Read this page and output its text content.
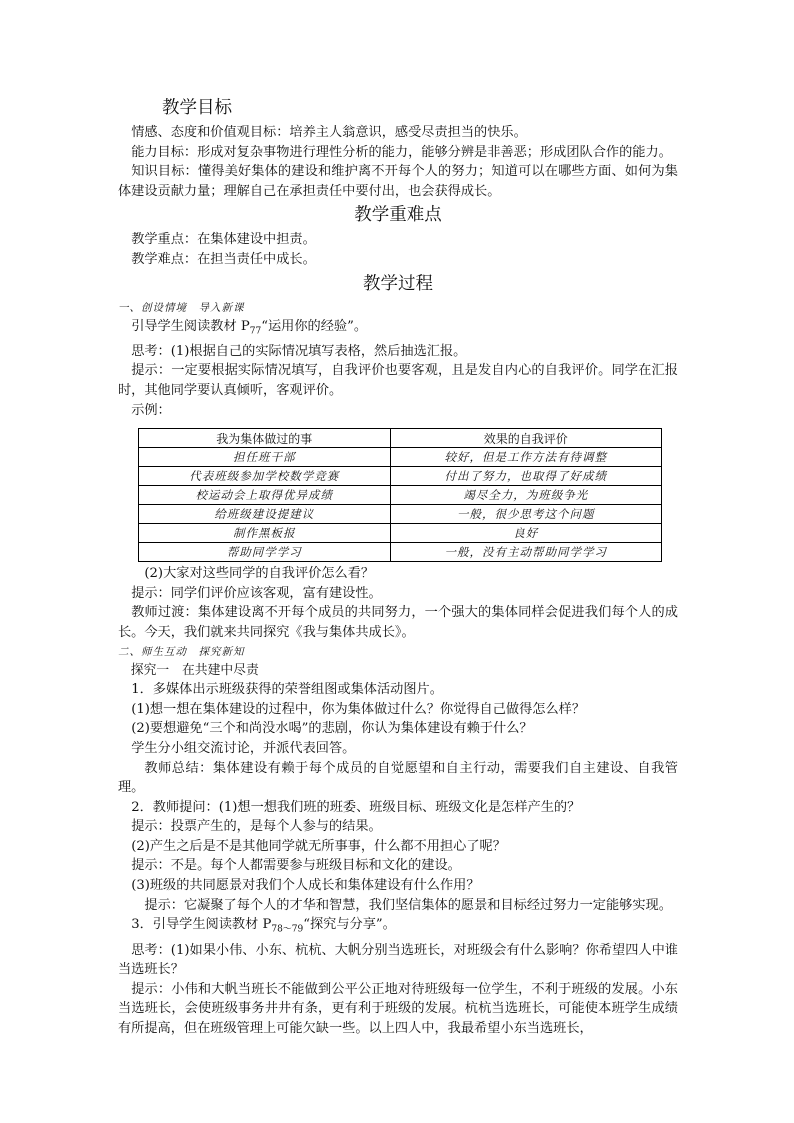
教学目标

情感、态度和价值观目标：培养主人翁意识，感受尽责担当的快乐。

能力目标：形成对复杂事物进行理性分析的能力，能够分辨是非善恶；形成团队合作的能力。

知识目标：懂得美好集体的建设和维护离不开每个人的努力；知道可以在哪些方面、如何为集体建设贡献力量；理解自己在承担责任中要付出，也会获得成长。

教学重难点

教学重点：在集体建设中担责。

教学难点：在担当责任中成长。

教学过程

一、创设情境　导入新课

引导学生阅读教材 $P_{77}“$运用你的经验”。

思考：(1)根据自己的实际情况填写表格，然后抽选汇报。

提示：一定要根据实际情况填写，自我评价也要客观，且是发自内心的自我评价。同学在汇报时，其他同学要认真倾听，客观评价。

示例：

我为集体做过的事	效果的自我评价
担任班干部	较好，但是工作方法有待调整
代表班级参加学校数学竞赛	付出了努力，也取得了好成绩
校运动会上取得优异成绩	竭尽全力，为班级争光
给班级建设提建议	一般，很少思考这个问题
制作黑板报	良好
帮助同学学习	一般，没有主动帮助同学学习

(2)大家对这些同学的自我评价怎么看？

提示：同学们评价应该客观，富有建设性。

教师过渡：集体建设离不开每个成员的共同努力，一个强大的集体同样会促进我们每个人的成长。今天，我们就来共同探究《我与集体共成长》。

二、师生互动　探究新知

探究一　在共建中尽责

1．多媒体出示班级获得的荣誉组图或集体活动图片。

(1)想一想在集体建设的过程中，你为集体做过什么？你觉得自己做得怎么样？

(2)要想避免“三个和尚没水喝”的悲剧，你认为集体建设有赖于什么？

学生分小组交流讨论，并派代表回答。

教师总结：集体建设有赖于每个成员的自觉愿望和自主行动，需要我们自主建设、自我管理。

2．教师提问：(1)想一想我们班的班委、班级目标、班级文化是怎样产生的？

提示：投票产生的，是每个人参与的结果。

(2)产生之后是不是其他同学就无所事事，什么都不用担心了呢？

提示：不是。每个人都需要参与班级目标和文化的建设。

(3)班级的共同愿景对我们个人成长和集体建设有什么作用？

提示：它凝聚了每个人的才华和智慧，我们坚信集体的愿景和目标经过努力一定能够实现。

3．引导学生阅读教材 $P_{78\sim 79}“$探究与分享”。

思考：(1)如果小伟、小东、杭杭、大帆分别当选班长，对班级会有什么影响？你希望四人中谁当选班长？

提示：小伟和大帆当班长不能做到公平公正地对待班级每一位学生，不利于班级的发展。小东当选班长，会使班级事务井井有条，更有利于班级的发展。杭杭当选班长，可能使本班学生成绩有所提高，但在班级管理上可能欠缺一些。以上四人中，我最希望小东当选班长，
